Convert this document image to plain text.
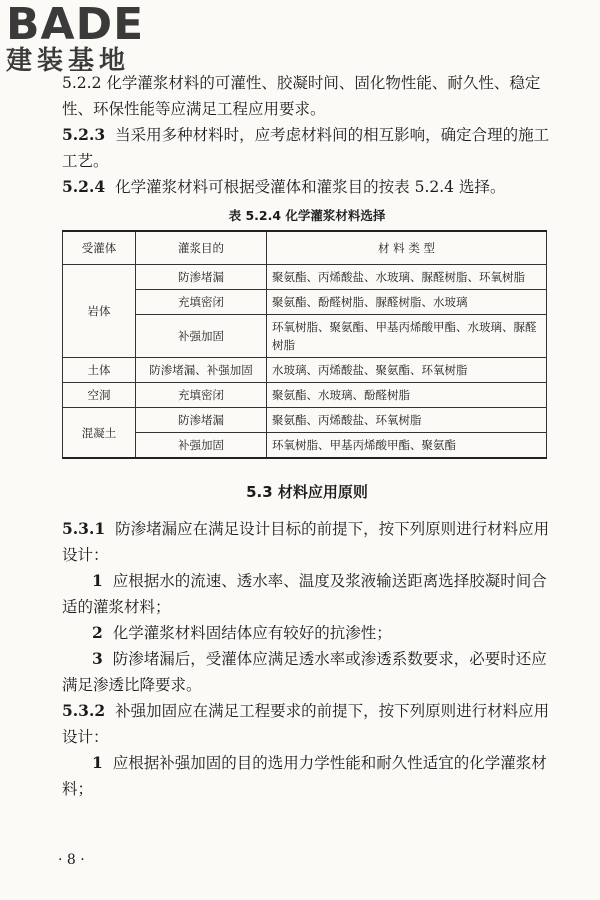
BADE
建装基地

5.2.2 化学灌浆材料的可灌性、胶凝时间、固化物性能、耐久性、稳定性、环保性能等应满足工程应用要求。

5.2.3 当采用多种材料时，应考虑材料间的相互影响，确定合理的施工工艺。

5.2.4 化学灌浆材料可根据受灌体和灌浆目的按表 5.2.4 选择。

表 5.2.4 化学灌浆材料选择
受灌体	灌浆目的	材 料 类 型
岩体	防渗堵漏	聚氨酯、丙烯酸盐、水玻璃、脲醛树脂、环氧树脂
	充填密闭	聚氨酯、酚醛树脂、脲醛树脂、水玻璃
	补强加固	环氧树脂、聚氨酯、甲基丙烯酸甲酯、水玻璃、脲醛树脂
土体	防渗堵漏、补强加固	水玻璃、丙烯酸盐、聚氨酯、环氧树脂
空洞	充填密闭	聚氨酯、水玻璃、酚醛树脂
混凝土	防渗堵漏	聚氨酯、丙烯酸盐、环氧树脂
	补强加固	环氧树脂、甲基丙烯酸甲酯、聚氨酯
5.3 材料应用原则

5.3.1 防渗堵漏应在满足设计目标的前提下，按下列原则进行材料应用设计：

1 应根据水的流速、透水率、温度及浆液输送距离选择胶凝时间合适的灌浆材料；

2 化学灌浆材料固结体应有较好的抗渗性；

3 防渗堵漏后，受灌体应满足透水率或渗透系数要求，必要时还应满足渗透比降要求。

5.3.2 补强加固应在满足工程要求的前提下，按下列原则进行材料应用设计：

1 应根据补强加固的目的选用力学性能和耐久性适宜的化学灌浆材料；

· 8 ·
